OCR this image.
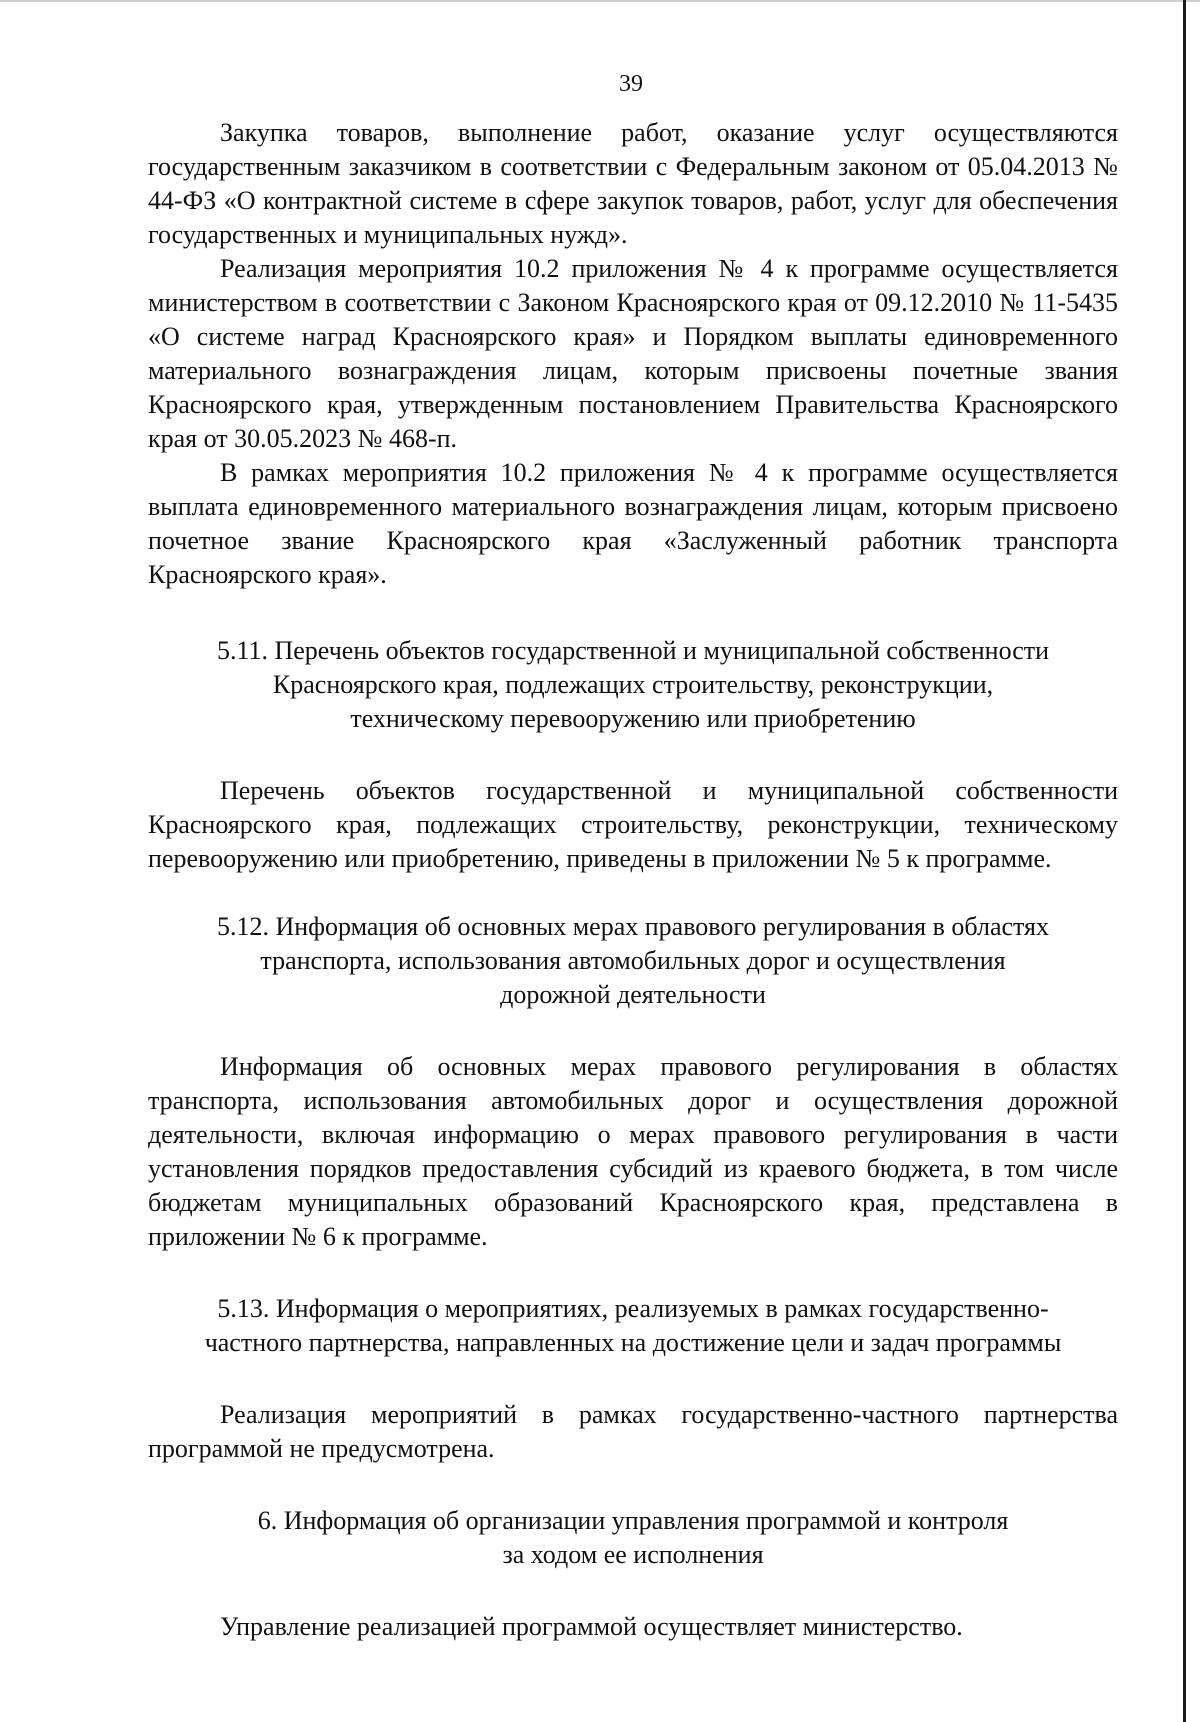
39

Закупка товаров, выполнение работ, оказание услуг осуществляются государственным заказчиком в соответствии с Федеральным законом от 05.04.2013 № 44-ФЗ «О контрактной системе в сфере закупок товаров, работ, услуг для обеспечения государственных и муниципальных нужд».

Реализация мероприятия 10.2 приложения № 4 к программе осуществляется министерством в соответствии с Законом Красноярского края от 09.12.2010 № 11-5435 «О системе наград Красноярского края» и Порядком выплаты единовременного материального вознаграждения лицам, которым присвоены почетные звания Красноярского края, утвержденным постановлением Правительства Красноярского края от 30.05.2023 № 468-п.

В рамках мероприятия 10.2 приложения № 4 к программе осуществляется выплата единовременного материального вознаграждения лицам, которым присвоено почетное звание Красноярского края «Заслуженный работник транспорта Красноярского края».

5.11. Перечень объектов государственной и муниципальной собственности

Красноярского края, подлежащих строительству, реконструкции,

техническому перевооружению или приобретению

Перечень объектов государственной и муниципальной собственности Красноярского края, подлежащих строительству, реконструкции, техническому перевооружению или приобретению, приведены в приложении № 5 к программе.

5.12. Информация об основных мерах правового регулирования в областях

транспорта, использования автомобильных дорог и осуществления

дорожной деятельности

Информация об основных мерах правового регулирования в областях транспорта, использования автомобильных дорог и осуществления дорожной деятельности, включая информацию о мерах правового регулирования в части установления порядков предоставления субсидий из краевого бюджета, в том числе бюджетам муниципальных образований Красноярского края, представлена в приложении № 6 к программе.

5.13. Информация о мероприятиях, реализуемых в рамках государственно-

частного партнерства, направленных на достижение цели и задач программы

Реализация мероприятий в рамках государственно-частного партнерства программой не предусмотрена.

6. Информация об организации управления программой и контроля

за ходом ее исполнения

Управление реализацией программой осуществляет министерство.
